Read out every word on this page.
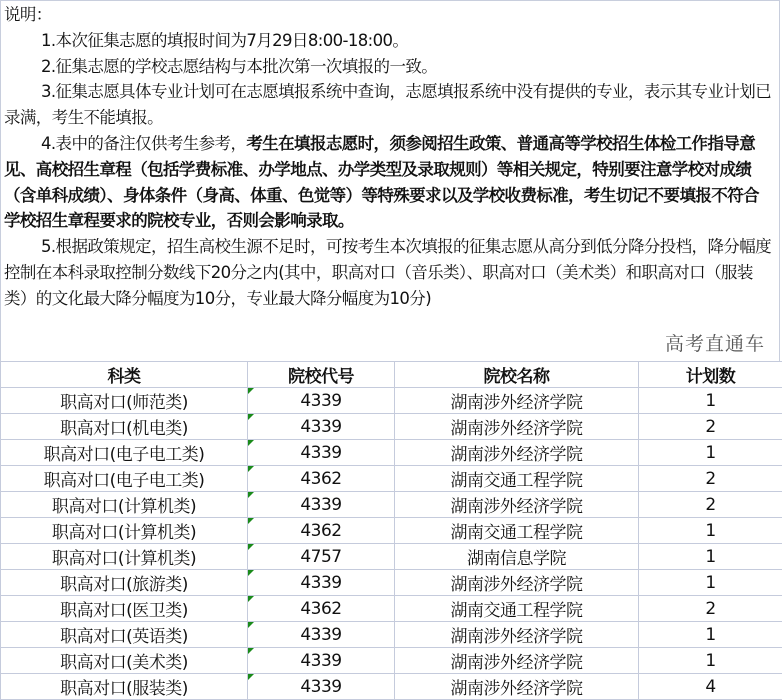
说明：

1.本次征集志愿的填报时间为7月29日8:00-18:00。

2.征集志愿的学校志愿结构与本批次第一次填报的一致。

3.征集志愿具体专业计划可在志愿填报系统中查询，志愿填报系统中没有提供的专业，表示其专业计划已录满，考生不能填报。

4.表中的备注仅供考生参考，考生在填报志愿时，须参阅招生政策、普通高等学校招生体检工作指导意见、高校招生章程（包括学费标准、办学地点、办学类型及录取规则）等相关规定，特别要注意学校对成绩（含单科成绩）、身体条件（身高、体重、色觉等）等特殊要求以及学校收费标准，考生切记不要填报不符合学校招生章程要求的院校专业，否则会影响录取。

5.根据政策规定，招生高校生源不足时，可按考生本次填报的征集志愿从高分到低分降分投档，降分幅度控制在本科录取控制分数线下20分之内(其中，职高对口（音乐类）、职高对口（美术类）和职高对口（服装类）的文化最大降分幅度为10分，专业最大降分幅度为10分)

高考直通车
科类	院校代号	院校名称	计划数
职高对口(师范类)	4339	湖南涉外经济学院	1
职高对口(机电类)	4339	湖南涉外经济学院	2
职高对口(电子电工类)	4339	湖南涉外经济学院	1
职高对口(电子电工类)	4362	湖南交通工程学院	2
职高对口(计算机类)	4339	湖南涉外经济学院	2
职高对口(计算机类)	4362	湖南交通工程学院	1
职高对口(计算机类)	4757	湖南信息学院	1
职高对口(旅游类)	4339	湖南涉外经济学院	1
职高对口(医卫类)	4362	湖南交通工程学院	2
职高对口(英语类)	4339	湖南涉外经济学院	1
职高对口(美术类)	4339	湖南涉外经济学院	1
职高对口(服装类)	4339	湖南涉外经济学院	4
